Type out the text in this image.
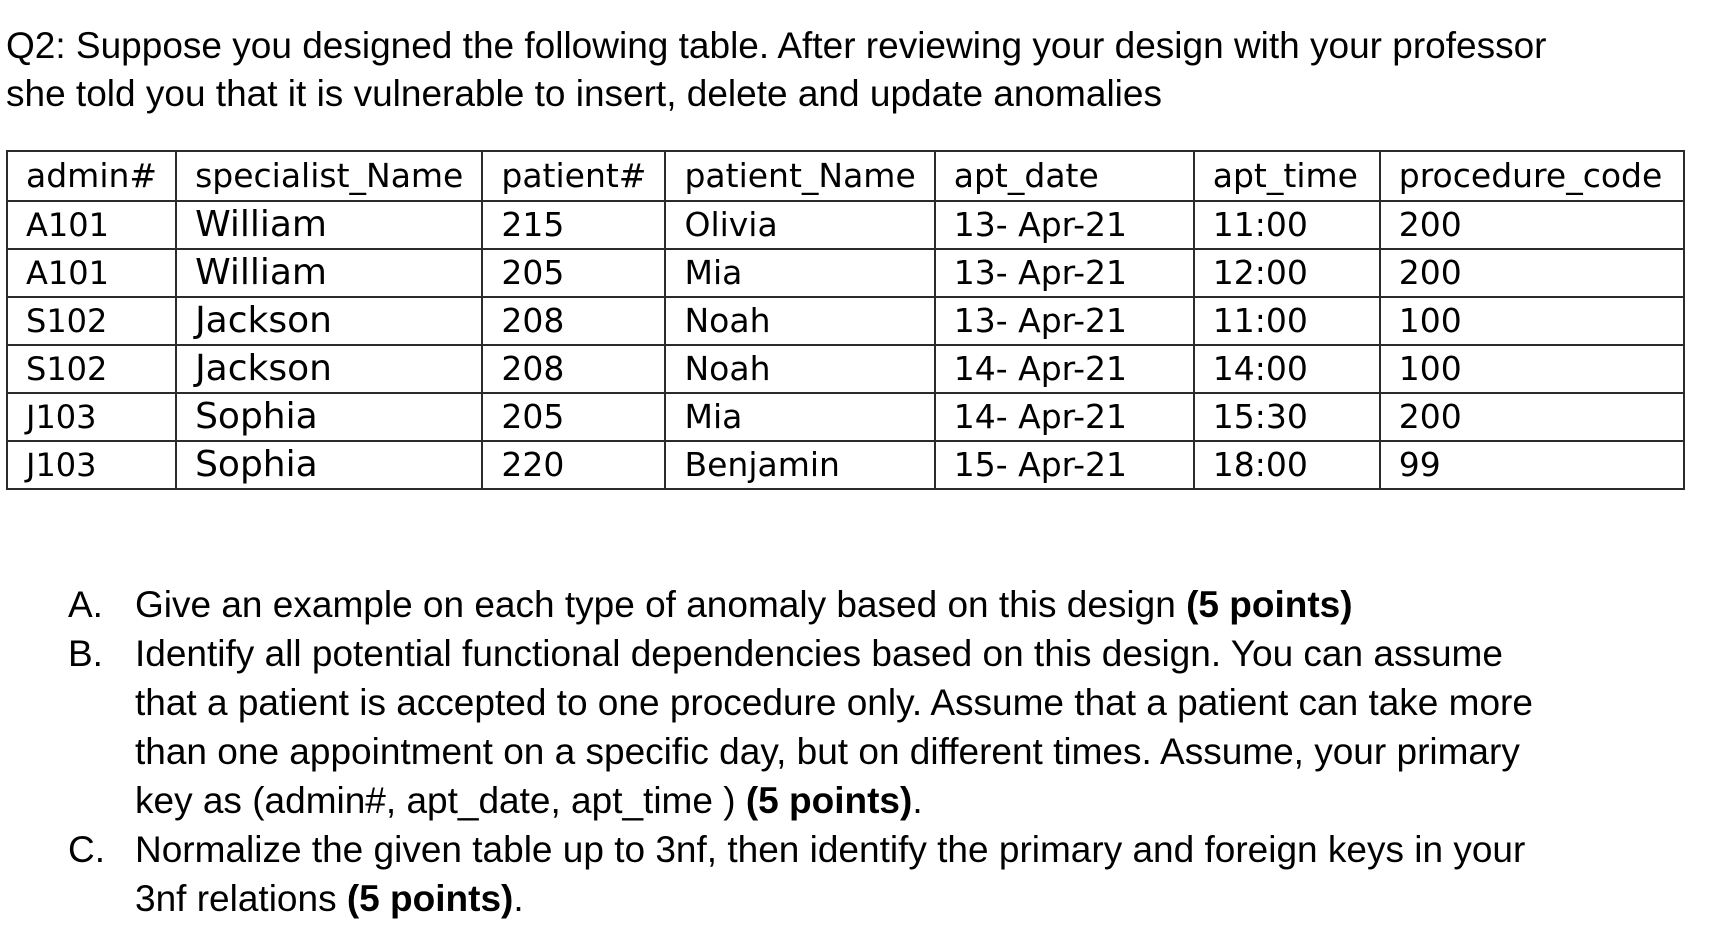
Q2: Suppose you designed the following table. After reviewing your design with your professor
she told you that it is vulnerable to insert, delete and update anomalies
admin#	specialist_Name	patient#	patient_Name	apt_date	apt_time	procedure_code
A101	William	215	Olivia	13- Apr-21	11:00	200
A101	William	205	Mia	13- Apr-21	12:00	200
S102	Jackson	208	Noah	13- Apr-21	11:00	100
S102	Jackson	208	Noah	14- Apr-21	14:00	100
J103	Sophia	205	Mia	14- Apr-21	15:30	200
J103	Sophia	220	Benjamin	15- Apr-21	18:00	99
A. Give an example on each type of anomaly based on this design (5 points)
B. Identify all potential functional dependencies based on this design. You can assume
that a patient is accepted to one procedure only. Assume that a patient can take more
than one appointment on a specific day, but on different times. Assume, your primary
key as (admin#, apt_date, apt_time ) (5 points).
C. Normalize the given table up to 3nf, then identify the primary and foreign keys in your
3nf relations (5 points).
